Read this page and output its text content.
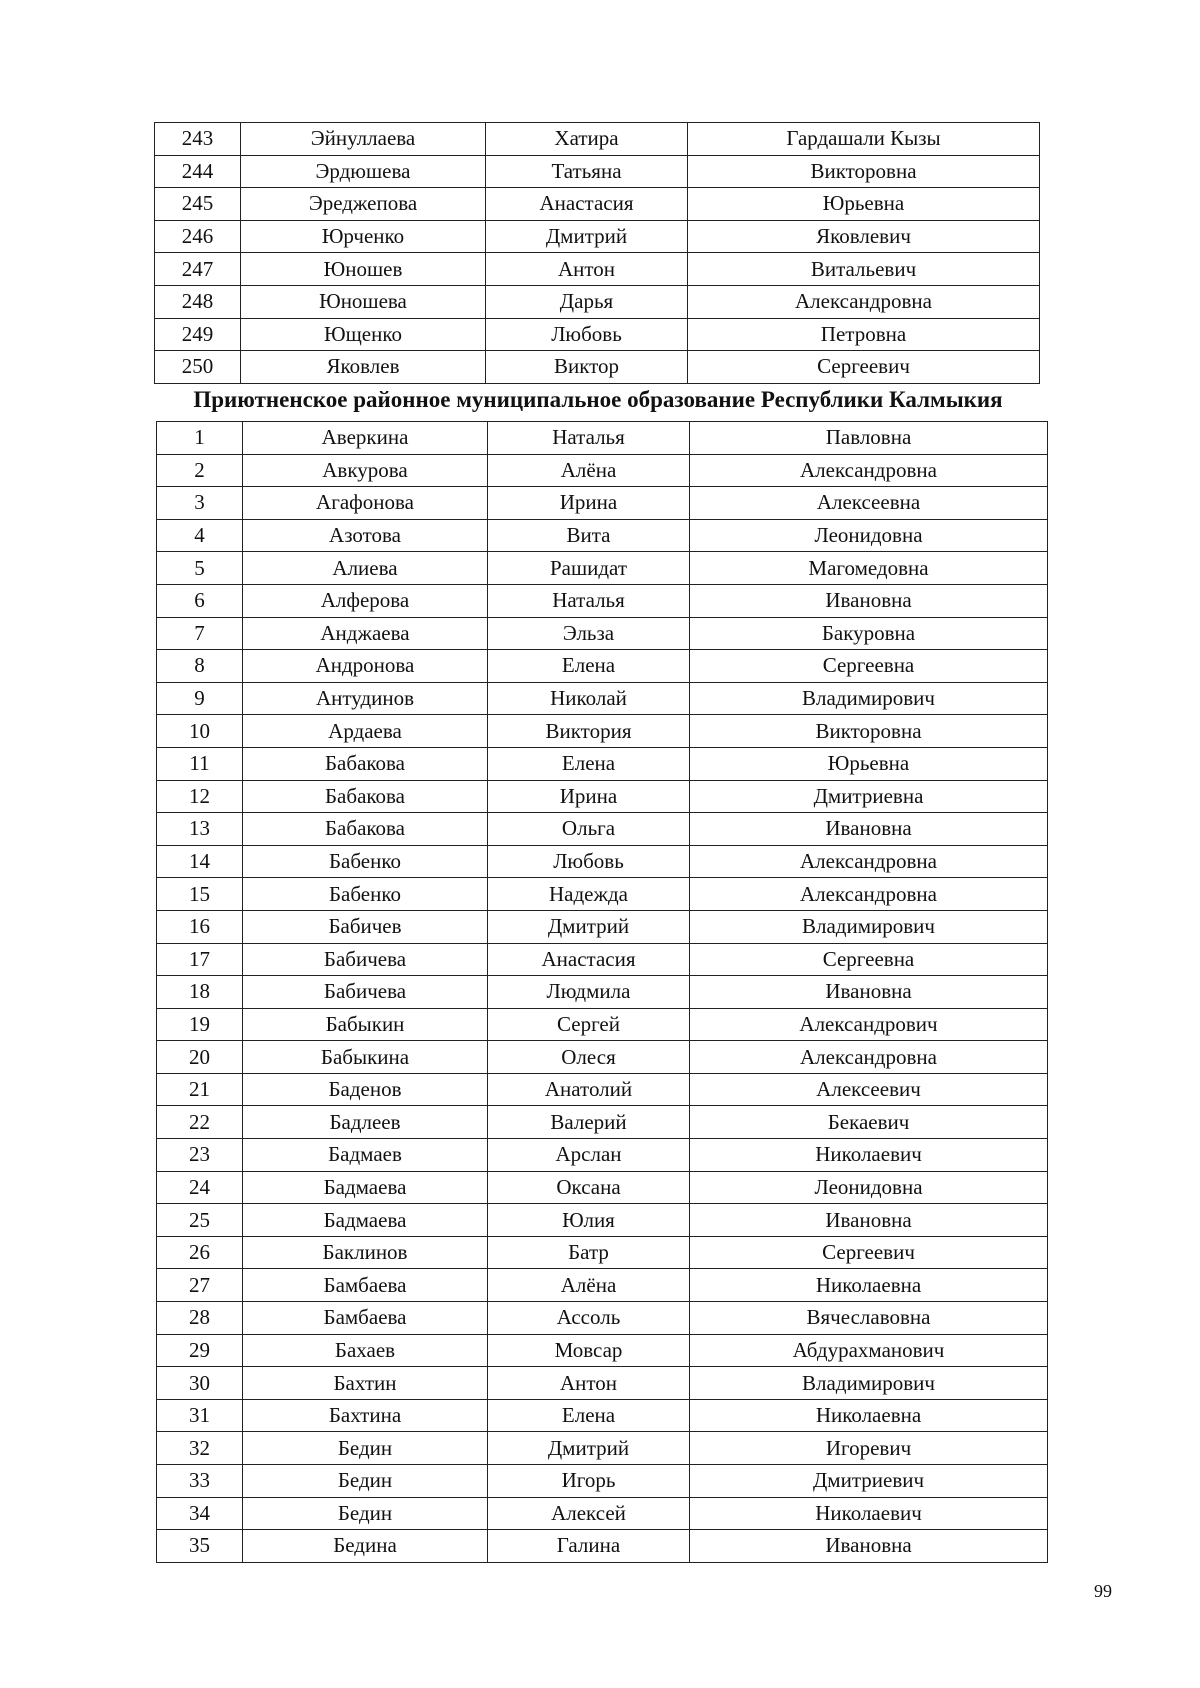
243	Эйнуллаева	Хатира	Гардашали Кызы
244	Эрдюшева	Татьяна	Викторовна
245	Эреджепова	Анастасия	Юрьевна
246	Юрченко	Дмитрий	Яковлевич
247	Юношев	Антон	Витальевич
248	Юношева	Дарья	Александровна
249	Ющенко	Любовь	Петровна
250	Яковлев	Виктор	Сергеевич
Приютненское районное муниципальное образование Республики Калмыкия
1	Аверкина	Наталья	Павловна
2	Авкурова	Алёна	Александровна
3	Агафонова	Ирина	Алексеевна
4	Азотова	Вита	Леонидовна
5	Алиева	Рашидат	Магомедовна
6	Алферова	Наталья	Ивановна
7	Анджаева	Эльза	Бакуровна
8	Андронова	Елена	Сергеевна
9	Антудинов	Николай	Владимирович
10	Ардаева	Виктория	Викторовна
11	Бабакова	Елена	Юрьевна
12	Бабакова	Ирина	Дмитриевна
13	Бабакова	Ольга	Ивановна
14	Бабенко	Любовь	Александровна
15	Бабенко	Надежда	Александровна
16	Бабичев	Дмитрий	Владимирович
17	Бабичева	Анастасия	Сергеевна
18	Бабичева	Людмила	Ивановна
19	Бабыкин	Сергей	Александрович
20	Бабыкина	Олеся	Александровна
21	Баденов	Анатолий	Алексеевич
22	Бадлеев	Валерий	Бекаевич
23	Бадмаев	Арслан	Николаевич
24	Бадмаева	Оксана	Леонидовна
25	Бадмаева	Юлия	Ивановна
26	Баклинов	Батр	Сергеевич
27	Бамбаева	Алёна	Николаевна
28	Бамбаева	Ассоль	Вячеславовна
29	Бахаев	Мовсар	Абдурахманович
30	Бахтин	Антон	Владимирович
31	Бахтина	Елена	Николаевна
32	Бедин	Дмитрий	Игоревич
33	Бедин	Игорь	Дмитриевич
34	Бедин	Алексей	Николаевич
35	Бедина	Галина	Ивановна
99
